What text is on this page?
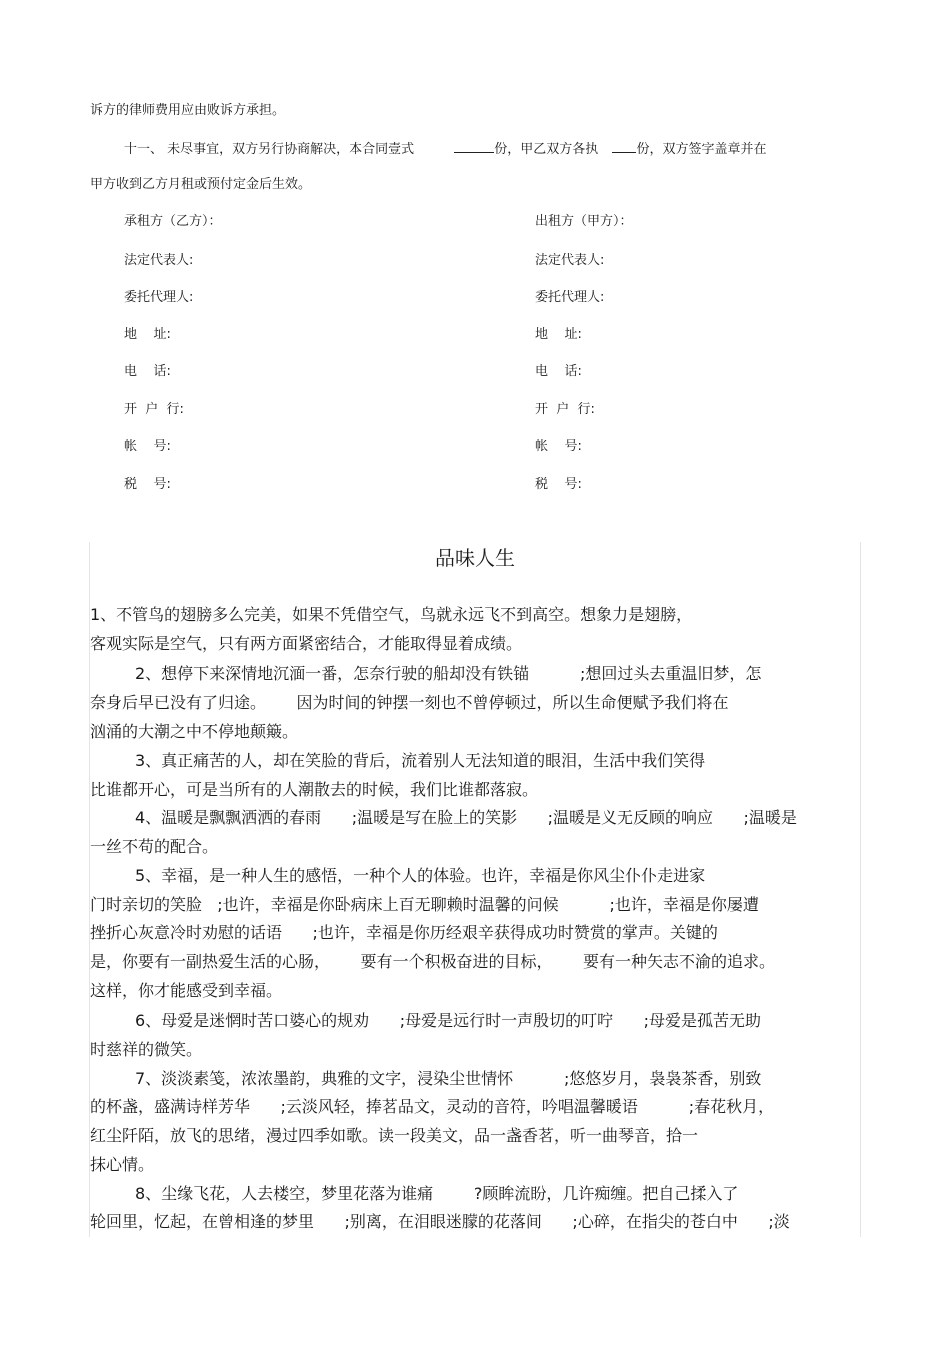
诉方的律师费用应由败诉方承担。
十一、 未尽事宜，双方另行协商解决，本合同壹式	份，甲乙双方各执	份，双方签字盖章并在
甲方收到乙方月租或预付定金后生效。
承租方（乙方）：
法定代表人:
委托代理人:
地    址:
电    话:
开  户  行:
帐    号:
税    号:
出租方（甲方）：
法定代表人:
委托代理人:
地    址:
电    话:
开  户  行:
帐    号:
税    号:
品味人生
1、不管鸟的翅膀多么完美，如果不凭借空气，鸟就永远飞不到高空。想象力是翅膀，
客观实际是空气，只有两方面紧密结合，才能取得显着成绩。
2、想停下来深情地沉湎一番，怎奈行驶的船却没有铁锚          ;想回过头去重温旧梦，怎
奈身后早已没有了归途。      因为时间的钟摆一刻也不曾停顿过，所以生命便赋予我们将在
汹涌的大潮之中不停地颠簸。
3、真正痛苦的人，却在笑脸的背后，流着别人无法知道的眼泪，生活中我们笑得
比谁都开心，可是当所有的人潮散去的时候，我们比谁都落寂。
4、温暖是飘飘洒洒的春雨      ;温暖是写在脸上的笑影      ;温暖是义无反顾的响应      ;温暖是
一丝不苟的配合。
5、幸福，是一种人生的感悟，一种个人的体验。也许，幸福是你风尘仆仆走进家
门时亲切的笑脸   ;也许，幸福是你卧病床上百无聊赖时温馨的问候          ;也许，幸福是你屡遭
挫折心灰意冷时劝慰的话语      ;也许，幸福是你历经艰辛获得成功时赞赏的掌声。关键的
是，你要有一副热爱生活的心肠，      要有一个积极奋进的目标，      要有一种矢志不渝的追求。
这样，你才能感受到幸福。
6、母爱是迷惘时苦口婆心的规劝      ;母爱是远行时一声殷切的叮咛      ;母爱是孤苦无助
时慈祥的微笑。
7、淡淡素笺，浓浓墨韵，典雅的文字，浸染尘世情怀          ;悠悠岁月，袅袅茶香，别致
的杯盏，盛满诗样芳华      ;云淡风轻，捧茗品文，灵动的音符，吟唱温馨暖语          ;春花秋月，
红尘阡陌，放飞的思绪，漫过四季如歌。读一段美文，品一盏香茗，听一曲琴音，拾一
抹心情。
8、尘缘飞花，人去楼空，梦里花落为谁痛        ?顾眸流盼，几许痴缠。把自己揉入了
轮回里，忆起，在曾相逢的梦里      ;别离，在泪眼迷朦的花落间      ;心碎，在指尖的苍白中      ;淡
